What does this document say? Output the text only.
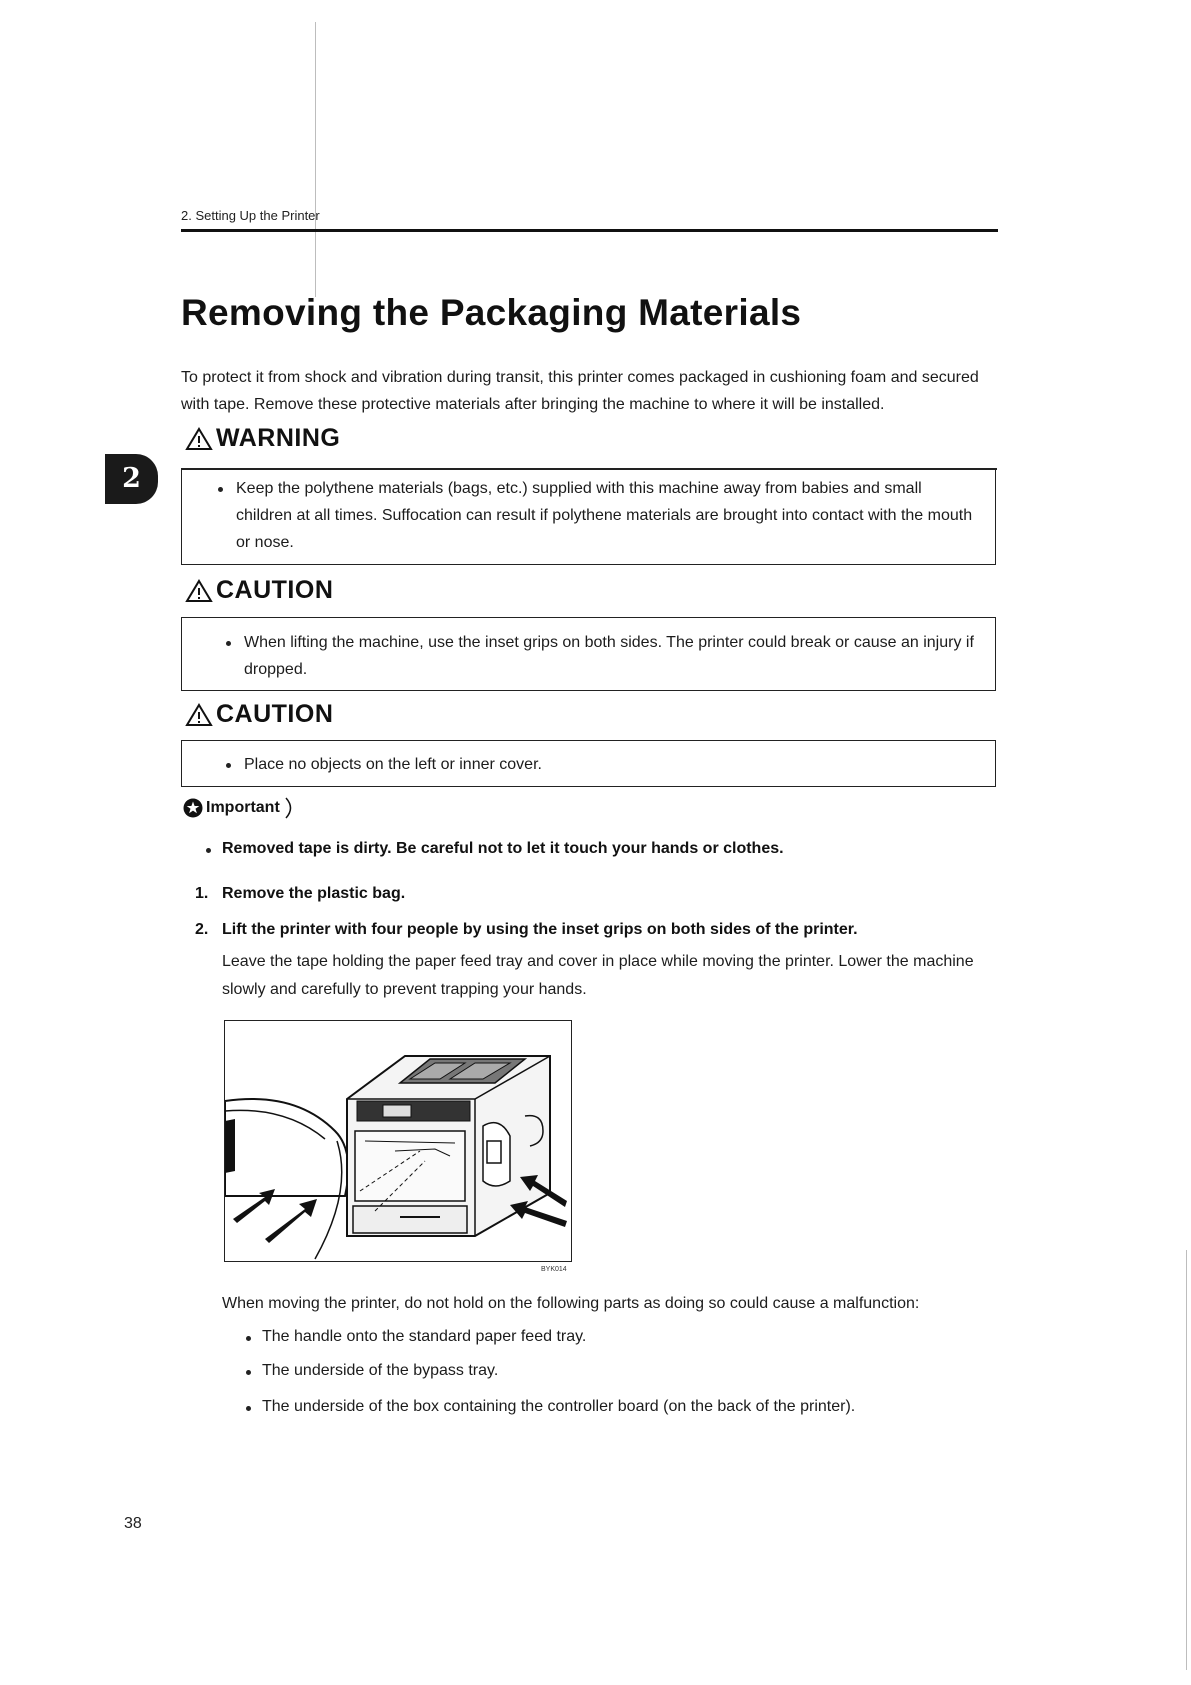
2. Setting Up the Printer
2
Removing the Packaging Materials

To protect it from shock and vibration during transit, this printer comes packaged in cushioning foam and secured with tape. Remove these protective materials after bringing the machine to where it will be installed.

WARNING
Keep the polythene materials (bags, etc.) supplied with this machine away from babies and small children at all times. Suffocation can result if polythene materials are brought into contact with the mouth or nose.
CAUTION
When lifting the machine, use the inset grips on both sides. The printer could break or cause an injury if dropped.
CAUTION
Place no objects on the left or inner cover.
Important

Removed tape is dirty. Be careful not to let it touch your hands or clothes.

1. Remove the plastic bag.

2. Lift the printer with four people by using the inset grips on both sides of the printer.

Leave the tape holding the paper feed tray and cover in place while moving the printer. Lower the machine slowly and carefully to prevent trapping your hands.

BYK014

When moving the printer, do not hold on the following parts as doing so could cause a malfunction:

The handle onto the standard paper feed tray.

The underside of the bypass tray.

The underside of the box containing the controller board (on the back of the printer).

38
